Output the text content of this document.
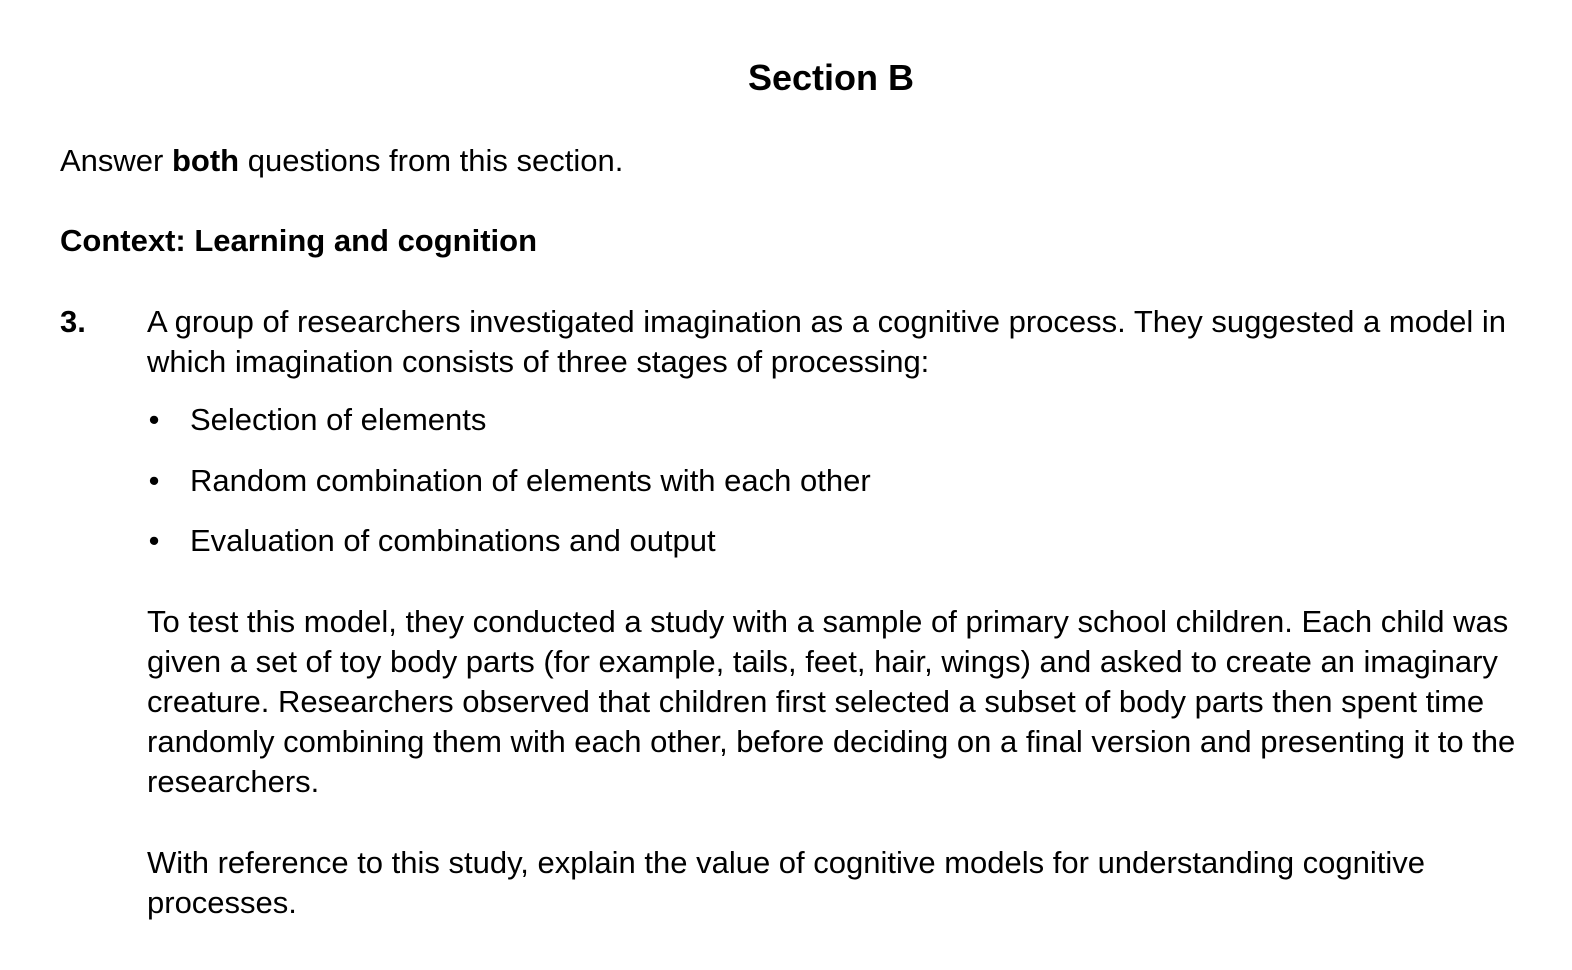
Section B

Answer both questions from this section.

Context: Learning and cognition
3. A group of researchers investigated imagination as a cognitive process. They suggested a model in which imagination consists of three stages of processing:

• Selection of elements
• Random combination of elements with each other
• Evaluation of combinations and output

To test this model, they conducted a study with a sample of primary school children. Each child was given a set of toy body parts (for example, tails, feet, hair, wings) and asked to create an imaginary creature. Researchers observed that children first selected a subset of body parts then spent time randomly combining them with each other, before deciding on a final version and presenting it to the researchers.

With reference to this study, explain the value of cognitive models for understanding cognitive processes.
